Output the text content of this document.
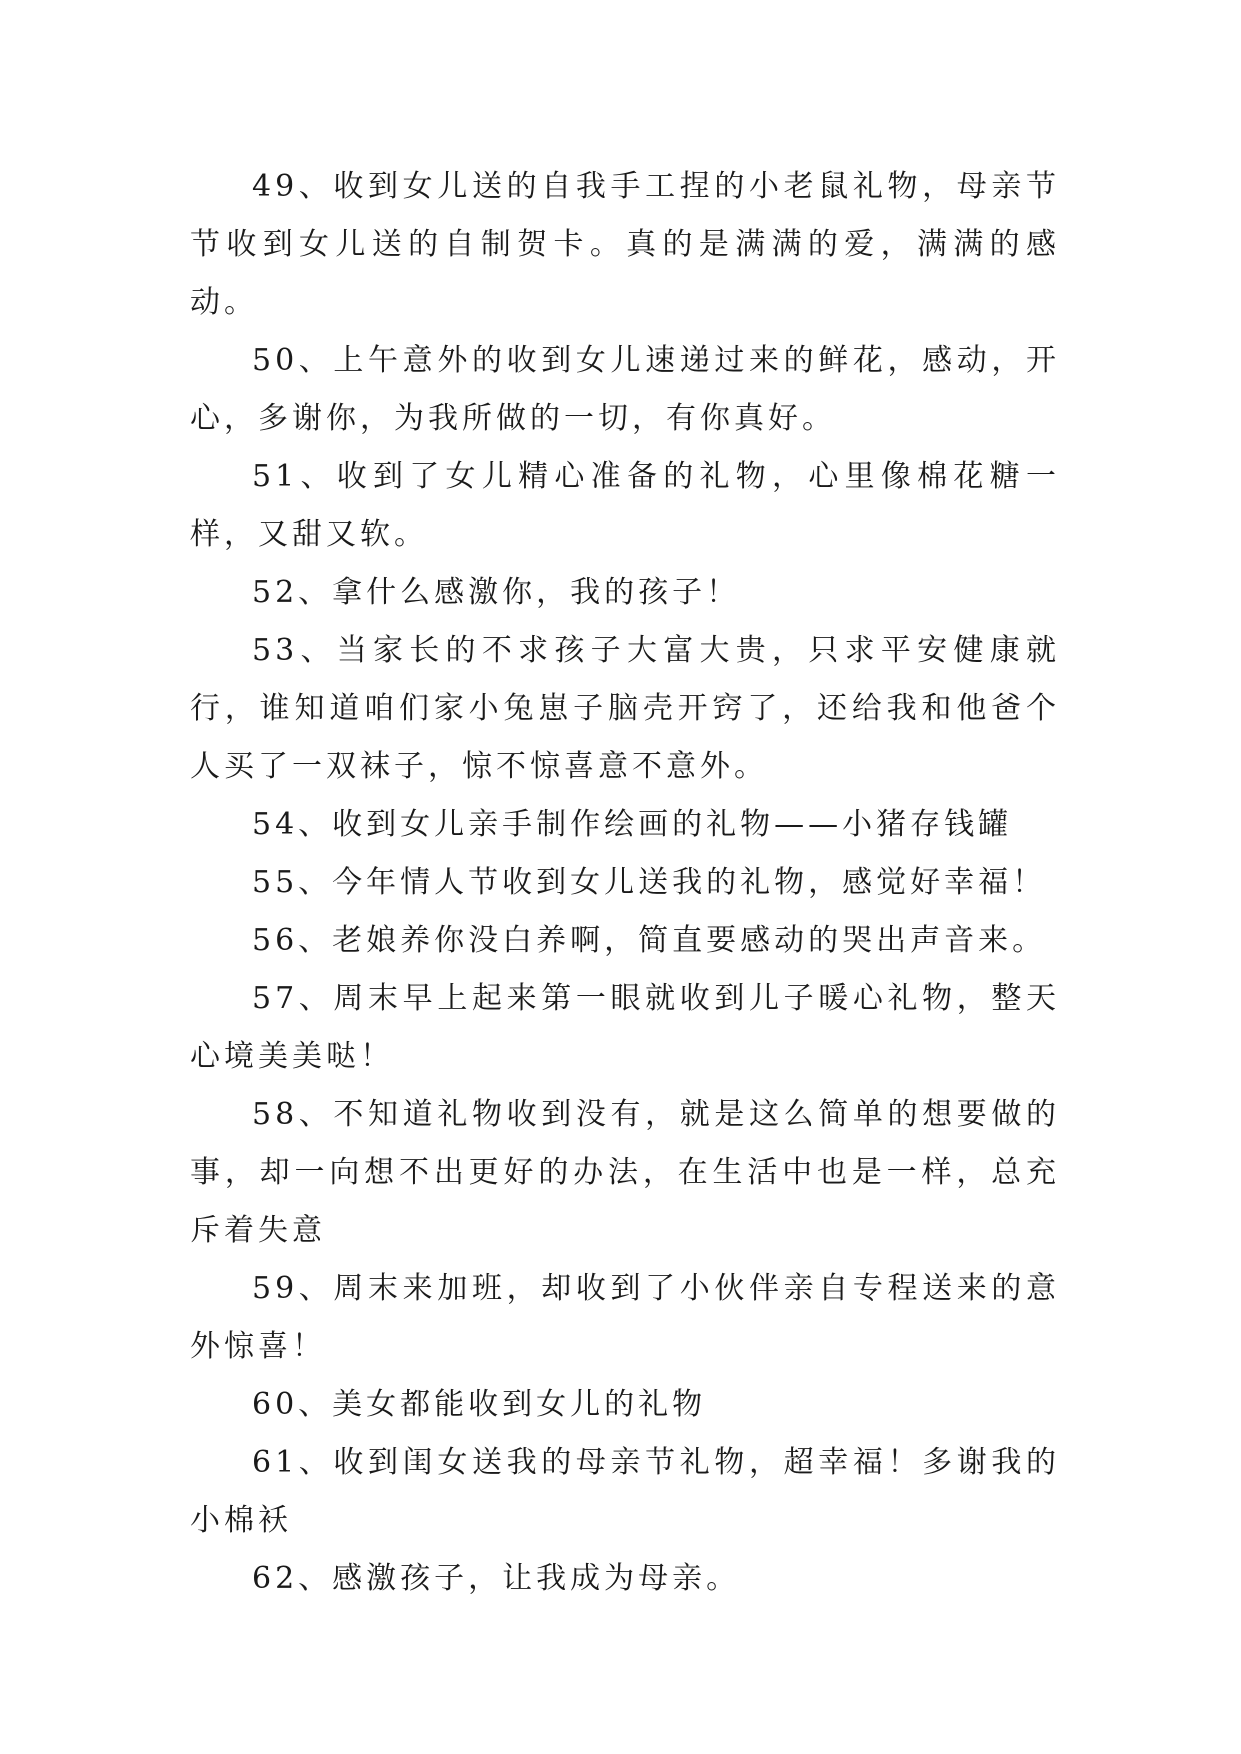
49、收到女儿送的自我手工捏的小老鼠礼物，母亲节节收到女儿送的自制贺卡。真的是满满的爱，满满的感动。

50、上午意外的收到女儿速递过来的鲜花，感动，开心，多谢你，为我所做的一切，有你真好。

51、收到了女儿精心准备的礼物，心里像棉花糖一样，又甜又软。

52、拿什么感激你，我的孩子！

53、当家长的不求孩子大富大贵，只求平安健康就行，谁知道咱们家小兔崽子脑壳开窍了，还给我和他爸个人买了一双袜子，惊不惊喜意不意外。

54、收到女儿亲手制作绘画的礼物——小猪存钱罐

55、今年情人节收到女儿送我的礼物，感觉好幸福！

56、老娘养你没白养啊，简直要感动的哭出声音来。

57、周末早上起来第一眼就收到儿子暖心礼物，整天心境美美哒！

58、不知道礼物收到没有，就是这么简单的想要做的事，却一向想不出更好的办法，在生活中也是一样，总充斥着失意

59、周末来加班，却收到了小伙伴亲自专程送来的意外惊喜！

60、美女都能收到女儿的礼物

61、收到闺女送我的母亲节礼物，超幸福！多谢我的小棉袄

62、感激孩子，让我成为母亲。
